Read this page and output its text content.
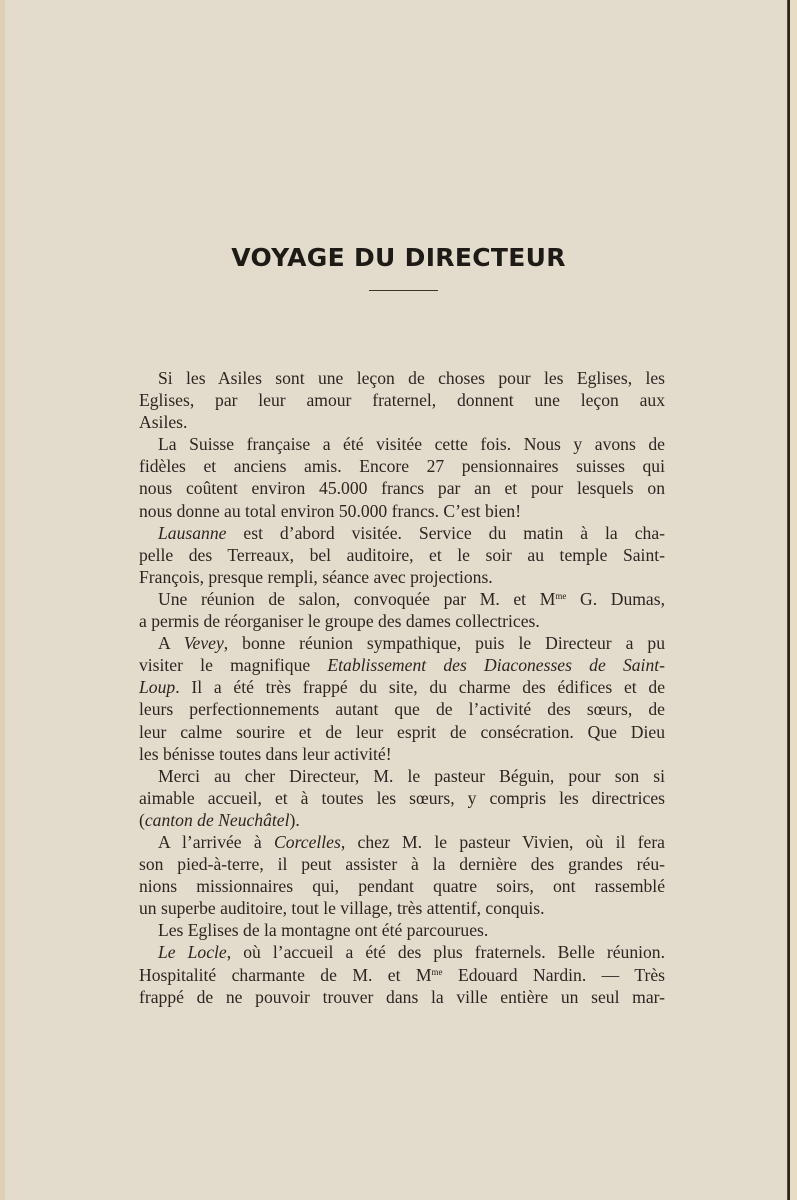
VOYAGE DU DIRECTEUR

Si les Asiles sont une leçon de choses pour les Eglises, les
Eglises, par leur amour fraternel, donnent une leçon aux
Asiles.

La Suisse française a été visitée cette fois. Nous y avons de
fidèles et anciens amis. Encore 27 pensionnaires suisses qui
nous coûtent environ 45.000 francs par an et pour lesquels on
nous donne au total environ 50.000 francs. C’est bien!

Lausanne est d’abord visitée. Service du matin à la cha-
pelle des Terreaux, bel auditoire, et le soir au temple Saint-
François, presque rempli, séance avec projections.

Une réunion de salon, convoquée par M. et $M^{me}$ G. Dumas,
a permis de réorganiser le groupe des dames collectrices.

A Vevey, bonne réunion sympathique, puis le Directeur a pu
visiter le magnifique Etablissement des Diaconesses de Saint-
Loup. Il a été très frappé du site, du charme des édifices et de
leurs perfectionnements autant que de l’activité des sœurs, de
leur calme sourire et de leur esprit de consécration. Que Dieu
les bénisse toutes dans leur activité!

Merci au cher Directeur, M. le pasteur Béguin, pour son si
aimable accueil, et à toutes les sœurs, y compris les directrices
(canton de Neuchâtel).

A l’arrivée à Corcelles, chez M. le pasteur Vivien, où il fera
son pied-à-terre, il peut assister à la dernière des grandes réu-
nions missionnaires qui, pendant quatre soirs, ont rassemblé
un superbe auditoire, tout le village, très attentif, conquis.

Les Eglises de la montagne ont été parcourues.

Le Locle, où l’accueil a été des plus fraternels. Belle réunion.
Hospitalité charmante de M. et $M^{me}$ Edouard Nardin. — Très
frappé de ne pouvoir trouver dans la ville entière un seul mar-
